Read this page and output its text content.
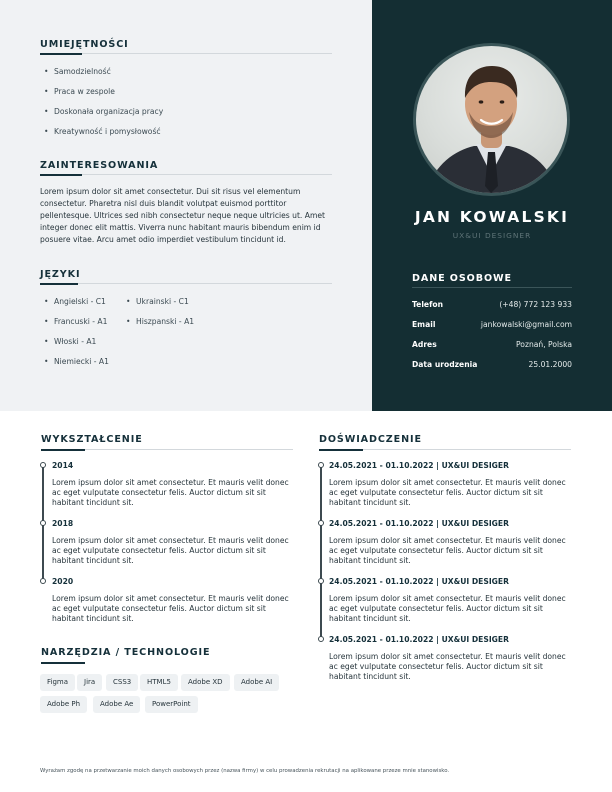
UMIEJĘTNOŚCI
• Samodzielność
• Praca w zespole
• Doskonała organizacja pracy
• Kreatywność i pomysłowość
ZAINTERESOWANIA

Lorem ipsum dolor sit amet consectetur. Dui sit risus vel elementum consectetur. Pharetra nisl duis blandit volutpat euismod porttitor pellentesque. Ultrices sed nibh consectetur neque neque ultricies ut. Amet integer donec elit mattis. Viverra nunc habitant mauris bibendum enim id posuere vitae. Arcu amet odio imperdiet vestibulum tincidunt id.

JĘZYKI
• Angielski - C1
• Francuski - A1
• Włoski - A1
• Niemiecki - A1
• Ukrainski - C1
• Hiszpanski - A1
JAN KOWALSKI
UX&UI DESIGNER
DANE OSOBOWE
Telefon	(+48) 772 123 933
Email	jankowalski@gmail.com
Adres	Poznań, Polska
Data urodzenia	25.01.2000
WYKSZTAŁCENIE
2014

Lorem ipsum dolor sit amet consectetur. Et mauris velit donec ac eget vulputate consectetur felis. Auctor dictum sit sit habitant tincidunt sit.

2018

Lorem ipsum dolor sit amet consectetur. Et mauris velit donec ac eget vulputate consectetur felis. Auctor dictum sit sit habitant tincidunt sit.

2020

Lorem ipsum dolor sit amet consectetur. Et mauris velit donec ac eget vulputate consectetur felis. Auctor dictum sit sit habitant tincidunt sit.

DOŚWIADCZENIE
24.05.2021 - 01.10.2022 | UX&UI DESIGER

Lorem ipsum dolor sit amet consectetur. Et mauris velit donec ac eget vulputate consectetur felis. Auctor dictum sit sit habitant tincidunt sit.

24.05.2021 - 01.10.2022 | UX&UI DESIGER

Lorem ipsum dolor sit amet consectetur. Et mauris velit donec ac eget vulputate consectetur felis. Auctor dictum sit sit habitant tincidunt sit.

24.05.2021 - 01.10.2022 | UX&UI DESIGER

Lorem ipsum dolor sit amet consectetur. Et mauris velit donec ac eget vulputate consectetur felis. Auctor dictum sit sit habitant tincidunt sit.

24.05.2021 - 01.10.2022 | UX&UI DESIGER

Lorem ipsum dolor sit amet consectetur. Et mauris velit donec ac eget vulputate consectetur felis. Auctor dictum sit sit habitant tincidunt sit.

NARZĘDZIA / TECHNOLOGIE
Figma	Jira	CSS3	HTML5	Adobe XD	Adobe AI
Adobe Ph	Adobe Ae	PowerPoint
Wyrażam zgodę na przetwarzanie moich danych osobowych przez (nazwa firmy) w celu prowadzenia rekrutacji na aplikowane przeze mnie stanowisko.
